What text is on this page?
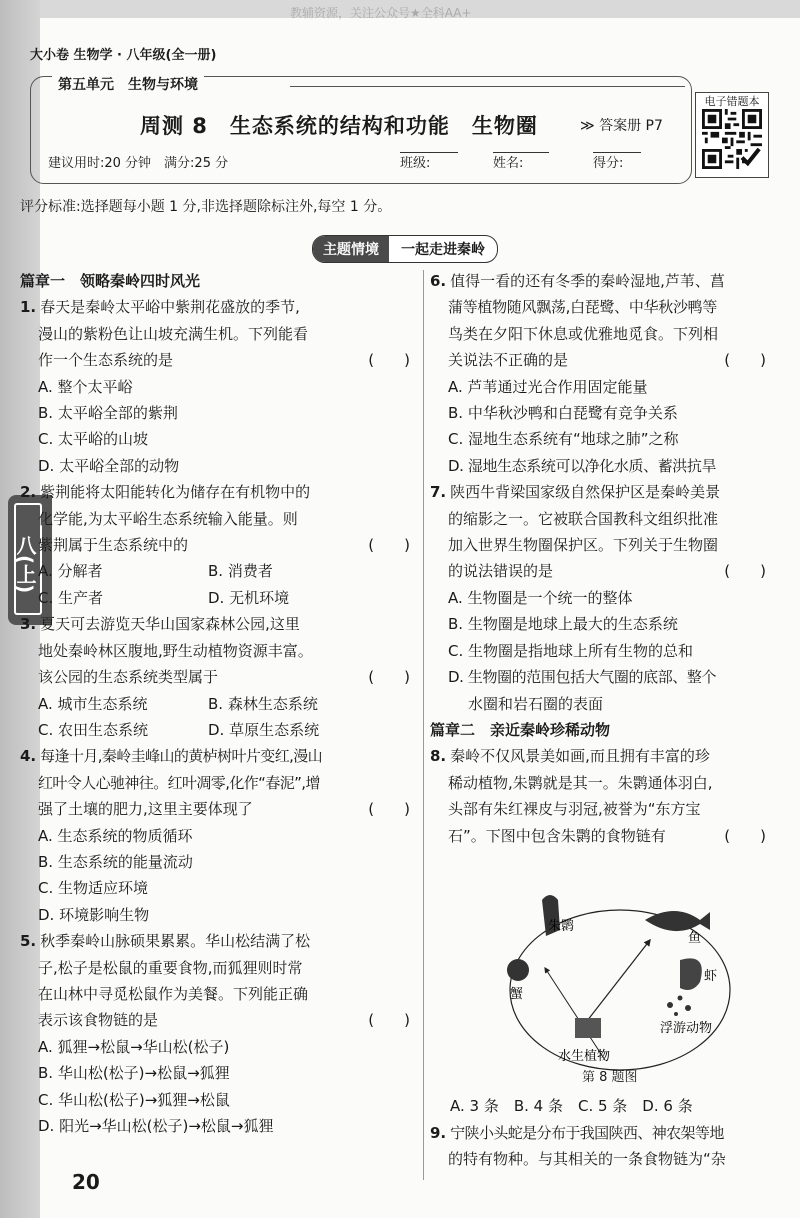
八(上)
教辅资源，关注公众号★全科AA+
大小卷 生物学 · 八年级(全一册)
第五单元　生物与环境
周测 8　生态系统的结构和功能　生物圈	≫ 答案册 P7
建议用时:20 分钟　满分:25 分	班级:	姓名:	得分:
电子错题本
评分标准:选择题每小题 1 分,非选择题除标注外,每空 1 分。
主题情境	一起走进秦岭
篇章一　领略秦岭四时风光
1. 春天是秦岭太平峪中紫荆花盛放的季节,
漫山的紫粉色让山坡充满生机。下列能看
作一个生态系统的是	(　　)
A. 整个太平峪
B. 太平峪全部的紫荆
C. 太平峪的山坡
D. 太平峪全部的动物
2. 紫荆能将太阳能转化为储存在有机物中的
化学能,为太平峪生态系统输入能量。则
紫荆属于生态系统中的	(　　)
A. 分解者	B. 消费者
C. 生产者	D. 无机环境
3. 夏天可去游览天华山国家森林公园,这里
地处秦岭林区腹地,野生动植物资源丰富。
该公园的生态系统类型属于	(　　)
A. 城市生态系统	B. 森林生态系统
C. 农田生态系统	D. 草原生态系统
4. 每逢十月,秦岭圭峰山的黄栌树叶片变红,漫山
红叶令人心驰神往。红叶凋零,化作“春泥”,增
强了土壤的肥力,这里主要体现了	(　　)
A. 生态系统的物质循环
B. 生态系统的能量流动
C. 生物适应环境
D. 环境影响生物
5. 秋季秦岭山脉硕果累累。华山松结满了松
子,松子是松鼠的重要食物,而狐狸则时常
在山林中寻觅松鼠作为美餐。下列能正确
表示该食物链的是	(　　)
A. 狐狸→松鼠→华山松(松子)
B. 华山松(松子)→松鼠→狐狸
C. 华山松(松子)→狐狸→松鼠
D. 阳光→华山松(松子)→松鼠→狐狸
6. 值得一看的还有冬季的秦岭湿地,芦苇、菖
蒲等植物随风飘荡,白琵鹭、中华秋沙鸭等
鸟类在夕阳下休息或优雅地觅食。下列相
关说法不正确的是	(　　)
A. 芦苇通过光合作用固定能量
B. 中华秋沙鸭和白琵鹭有竞争关系
C. 湿地生态系统有“地球之肺”之称
D. 湿地生态系统可以净化水质、蓄洪抗旱
7. 陕西牛背梁国家级自然保护区是秦岭美景
的缩影之一。它被联合国教科文组织批准
加入世界生物圈保护区。下列关于生物圈
的说法错误的是	(　　)
A. 生物圈是一个统一的整体
B. 生物圈是地球上最大的生态系统
C. 生物圈是指地球上所有生物的总和
D. 生物圈的范围包括大气圈的底部、整个
水圈和岩石圈的表面
篇章二　亲近秦岭珍稀动物
8. 秦岭不仅风景美如画,而且拥有丰富的珍
稀动植物,朱鹮就是其一。朱鹮通体羽白,
头部有朱红裸皮与羽冠,被誉为“东方宝
石”。下图中包含朱鹮的食物链有	(　　)
朱鹮
鱼
虾
蟹
浮游动物
水生植物
第 8 题图
A. 3 条　B. 4 条　C. 5 条　D. 6 条
9. 宁陕小头蛇是分布于我国陕西、神农架等地
的特有物种。与其相关的一条食物链为“杂
20
